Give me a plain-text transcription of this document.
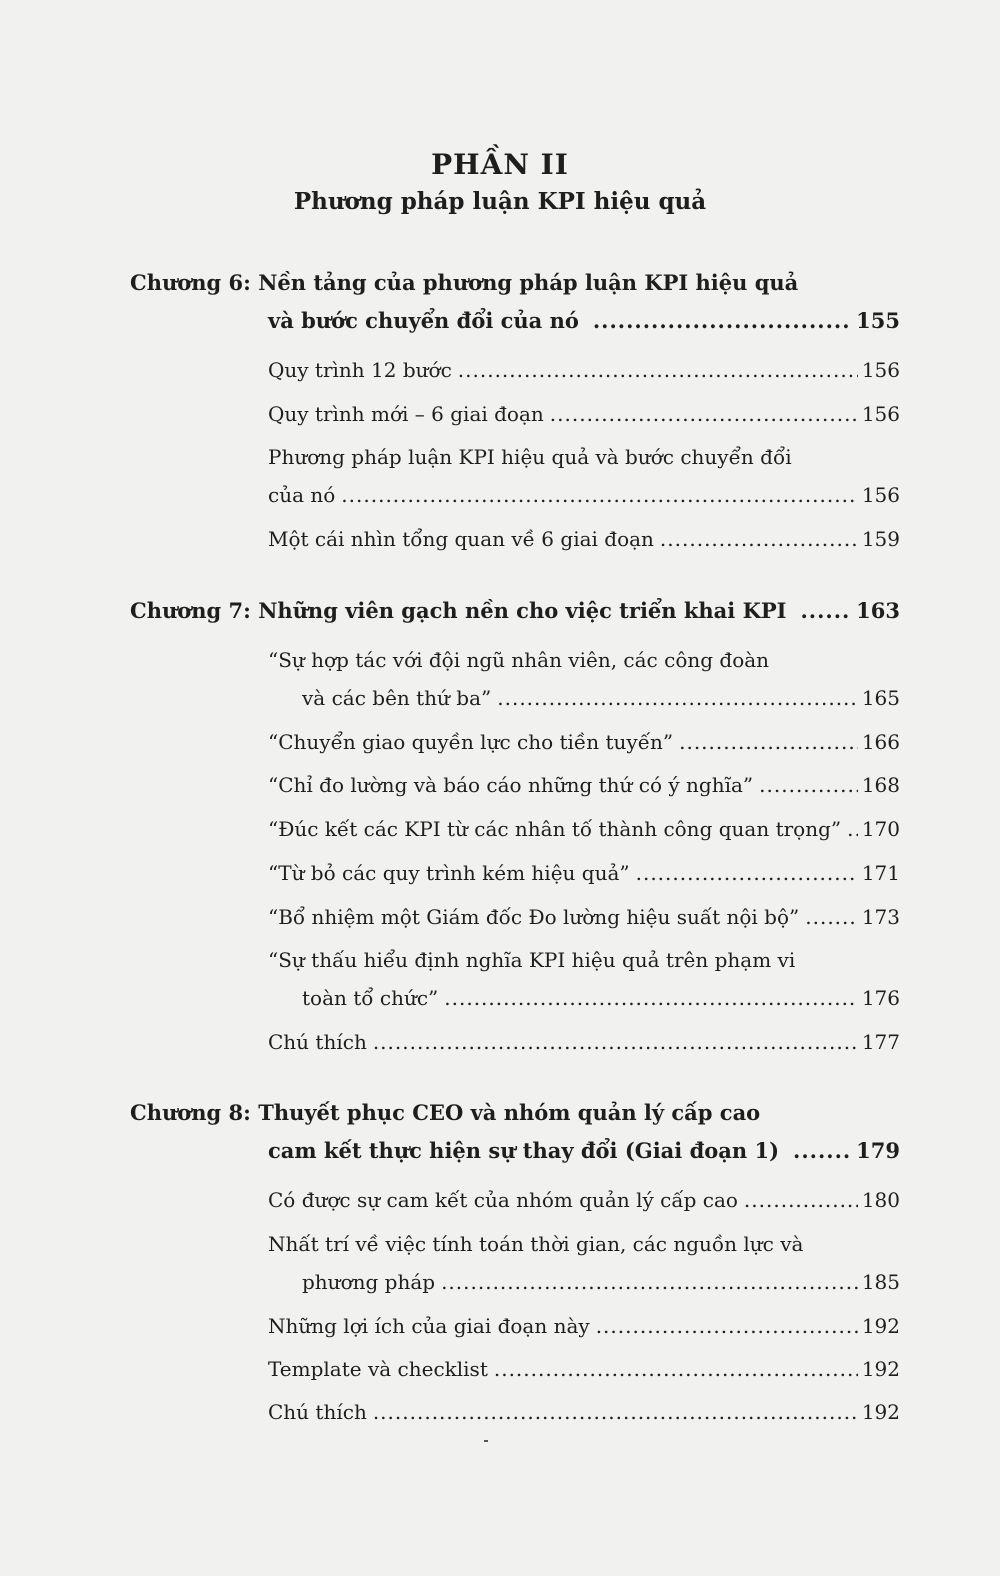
PHẦN II
Phương pháp luận KPI hiệu quả
Chương 6: Nền tảng của phương pháp luận KPI hiệu quả
và bước chuyển đổi của nó .....	155
Quy trình 12 bước .....	156
Quy trình mới – 6 giai đoạn .....	156
Phương pháp luận KPI hiệu quả và bước chuyển đổi
của nó .....	156
Một cái nhìn tổng quan về 6 giai đoạn .....	159
Chương 7: Những viên gạch nền cho việc triển khai KPI .....	163
“Sự hợp tác với đội ngũ nhân viên, các công đoàn
và các bên thứ ba” .....	165
“Chuyển giao quyền lực cho tiền tuyến” .....	166
“Chỉ đo lường và báo cáo những thứ có ý nghĩa” .....	168
“Đúc kết các KPI từ các nhân tố thành công quan trọng” ..... 170
“Từ bỏ các quy trình kém hiệu quả” .....	171
“Bổ nhiệm một Giám đốc Đo lường hiệu suất nội bộ” .....	173
“Sự thấu hiểu định nghĩa KPI hiệu quả trên phạm vi
toàn tổ chức” .....	176
Chú thích .....	177
Chương 8: Thuyết phục CEO và nhóm quản lý cấp cao
cam kết thực hiện sự thay đổi (Giai đoạn 1) .....	179
Có được sự cam kết của nhóm quản lý cấp cao .....	180
Nhất trí về việc tính toán thời gian, các nguồn lực và
phương pháp .....	185
Những lợi ích của giai đoạn này .....	192
Template và checklist .....	192
Chú thích .....	192
